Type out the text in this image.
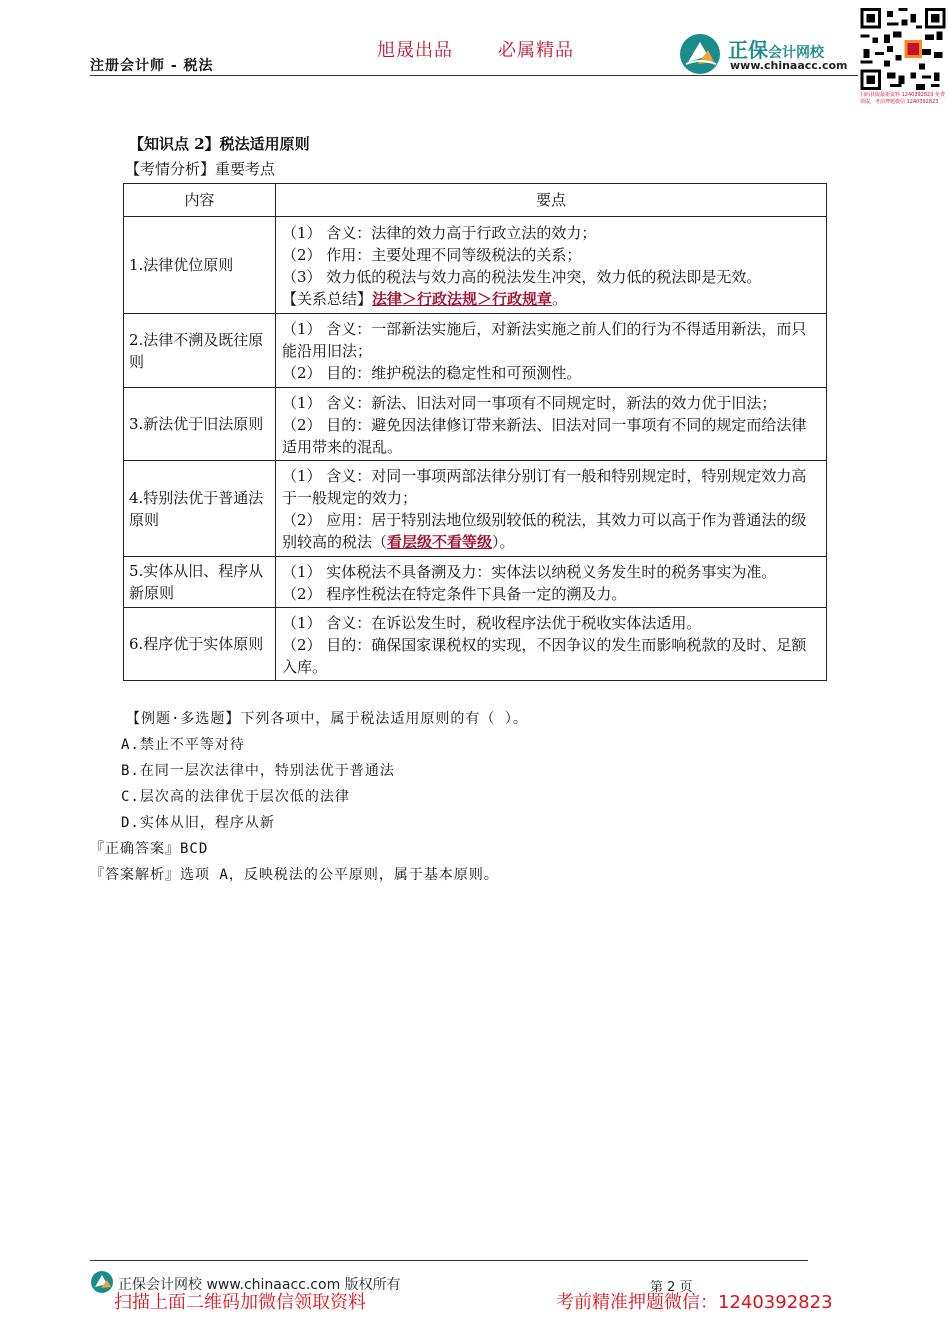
注册会计师 - 税法
旭晟出品	必属精品	正保会计网校
www.chinaacc.com
扫码获取最新资料 1240392823 免费领取，考前押题微信 1240392823
【知识点 2】税法适用原则
【考情分析】重要考点
内容	要点
1.法律优位原则	（1） 含义：法律的效力高于行政立法的效力；
（2） 作用：主要处理不同等级税法的关系；
（3） 效力低的税法与效力高的税法发生冲突，效力低的税法即是无效。
【关系总结】法律＞行政法规＞行政规章。

2.法律不溯及既往原则	（1） 含义：一部新法实施后，对新法实施之前人们的行为不得适用新法，而只能沿用旧法；
（2） 目的：维护税法的稳定性和可预测性。

3.新法优于旧法原则	（1） 含义：新法、旧法对同一事项有不同规定时，新法的效力优于旧法；
（2） 目的：避免因法律修订带来新法、旧法对同一事项有不同的规定而给法律适用带来的混乱。

4.特别法优于普通法原则	（1） 含义：对同一事项两部法律分别订有一般和特别规定时，特别规定效力高于一般规定的效力；
（2） 应用：居于特别法地位级别较低的税法，其效力可以高于作为普通法的级别较高的税法（看层级不看等级）。

5.实体从旧、程序从新原则	（1） 实体税法不具备溯及力：实体法以纳税义务发生时的税务事实为准。
（2） 程序性税法在特定条件下具备一定的溯及力。

6.程序优于实体原则	（1） 含义：在诉讼发生时，税收程序法优于税收实体法适用。
（2） 目的：确保国家课税权的实现，不因争议的发生而影响税款的及时、足额入库。
【例题·多选题】下列各项中，属于税法适用原则的有（ ）。
A.禁止不平等对待
B.在同一层次法律中，特别法优于普通法
C.层次高的法律优于层次低的法律
D.实体从旧，程序从新
『正确答案』BCD
『答案解析』选项 A，反映税法的公平原则，属于基本原则。
正保会计网校 www.chinaacc.com 版权所有	第 2 页
扫描上面二维码加微信领取资料	考前精准押题微信：1240392823
